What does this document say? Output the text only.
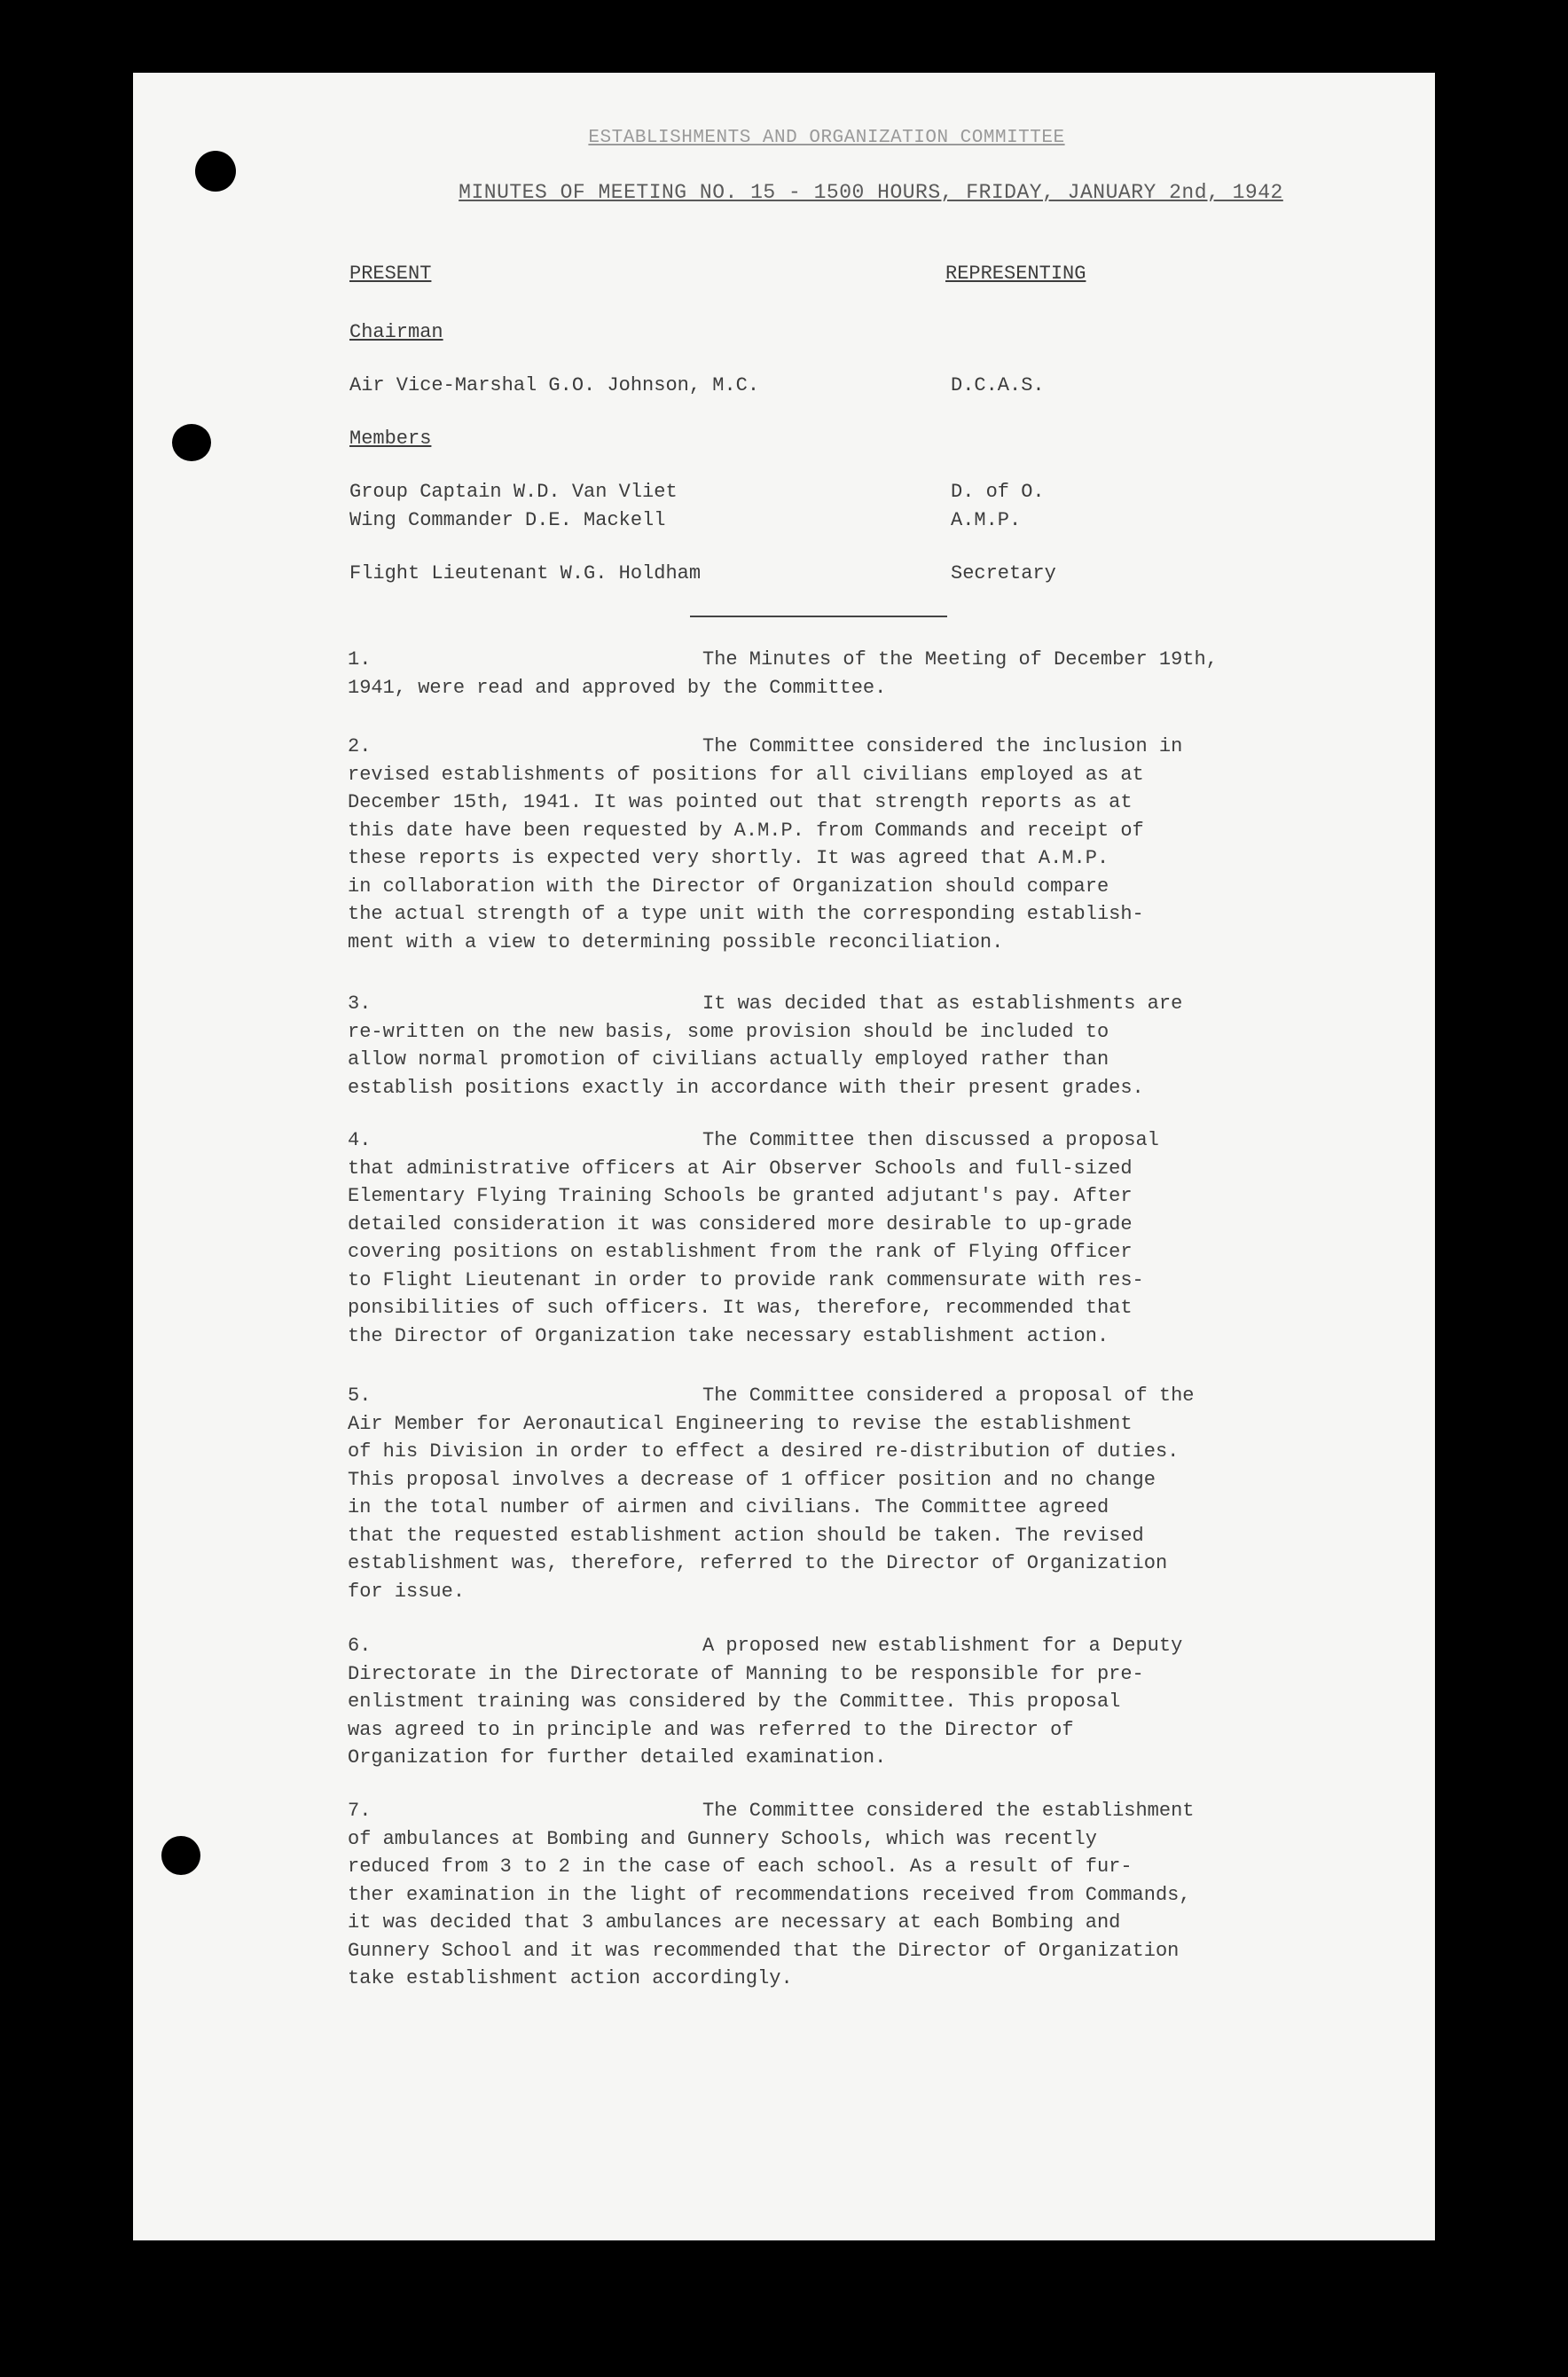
ESTABLISHMENTS AND ORGANIZATION COMMITTEE
MINUTES OF MEETING NO. 15 - 1500 HOURS, FRIDAY, JANUARY 2nd, 1942
PRESENT	REPRESENTING
Chairman
Air Vice-Marshal G.O. Johnson, M.C.	D.C.A.S.
Members
Group Captain W.D. Van Vliet	D. of O.
Wing Commander D.E. Mackell	A.M.P.
Flight Lieutenant W.G. Holdham	Secretary
1.	The Minutes of the Meeting of December 19th,
1941, were read and approved by the Committee.
2.	The Committee considered the inclusion in
revised establishments of positions for all civilians employed as at
December 15th, 1941. It was pointed out that strength reports as at
this date have been requested by A.M.P. from Commands and receipt of
these reports is expected very shortly. It was agreed that A.M.P.
in collaboration with the Director of Organization should compare
the actual strength of a type unit with the corresponding establish-
ment with a view to determining possible reconciliation.
3.	It was decided that as establishments are
re-written on the new basis, some provision should be included to
allow normal promotion of civilians actually employed rather than
establish positions exactly in accordance with their present grades.
4.	The Committee then discussed a proposal
that administrative officers at Air Observer Schools and full-sized
Elementary Flying Training Schools be granted adjutant's pay. After
detailed consideration it was considered more desirable to up-grade
covering positions on establishment from the rank of Flying Officer
to Flight Lieutenant in order to provide rank commensurate with res-
ponsibilities of such officers. It was, therefore, recommended that
the Director of Organization take necessary establishment action.
5.	The Committee considered a proposal of the
Air Member for Aeronautical Engineering to revise the establishment
of his Division in order to effect a desired re-distribution of duties.
This proposal involves a decrease of 1 officer position and no change
in the total number of airmen and civilians. The Committee agreed
that the requested establishment action should be taken. The revised
establishment was, therefore, referred to the Director of Organization
for issue.
6.	A proposed new establishment for a Deputy
Directorate in the Directorate of Manning to be responsible for pre-
enlistment training was considered by the Committee. This proposal
was agreed to in principle and was referred to the Director of
Organization for further detailed examination.
7.	The Committee considered the establishment
of ambulances at Bombing and Gunnery Schools, which was recently
reduced from 3 to 2 in the case of each school. As a result of fur-
ther examination in the light of recommendations received from Commands,
it was decided that 3 ambulances are necessary at each Bombing and
Gunnery School and it was recommended that the Director of Organization
take establishment action accordingly.
